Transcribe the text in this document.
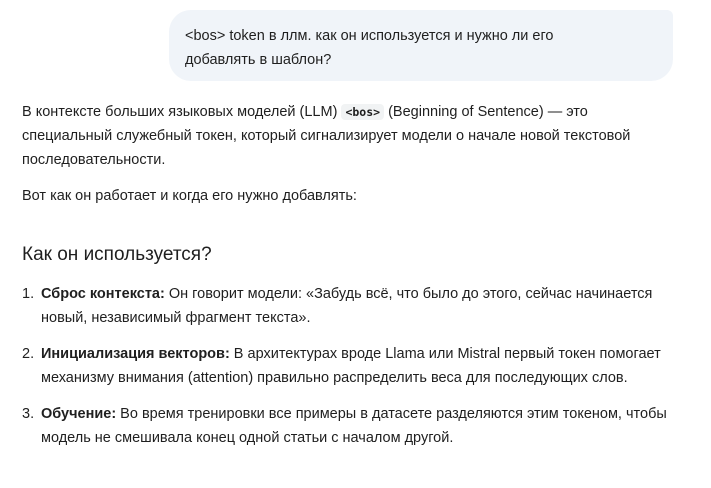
<bos> token в ллм. как он используется и нужно ли его
добавлять в шаблон?

В контексте больших языковых моделей (LLM) <bos> (Beginning of Sentence) — это специальный служебный токен, который сигнализирует модели о начале новой текстовой последовательности.

Вот как он работает и когда его нужно добавлять:

Как он используется?
1. Сброс контекста: Он говорит модели: «Забудь всё, что было до этого, сейчас начинается новый, независимый фрагмент текста».
2. Инициализация векторов: В архитектурах вроде Llama или Mistral первый токен помогает механизму внимания (attention) правильно распределить веса для последующих слов.
3. Обучение: Во время тренировки все примеры в датасете разделяются этим токеном, чтобы модель не смешивала конец одной статьи с началом другой.
